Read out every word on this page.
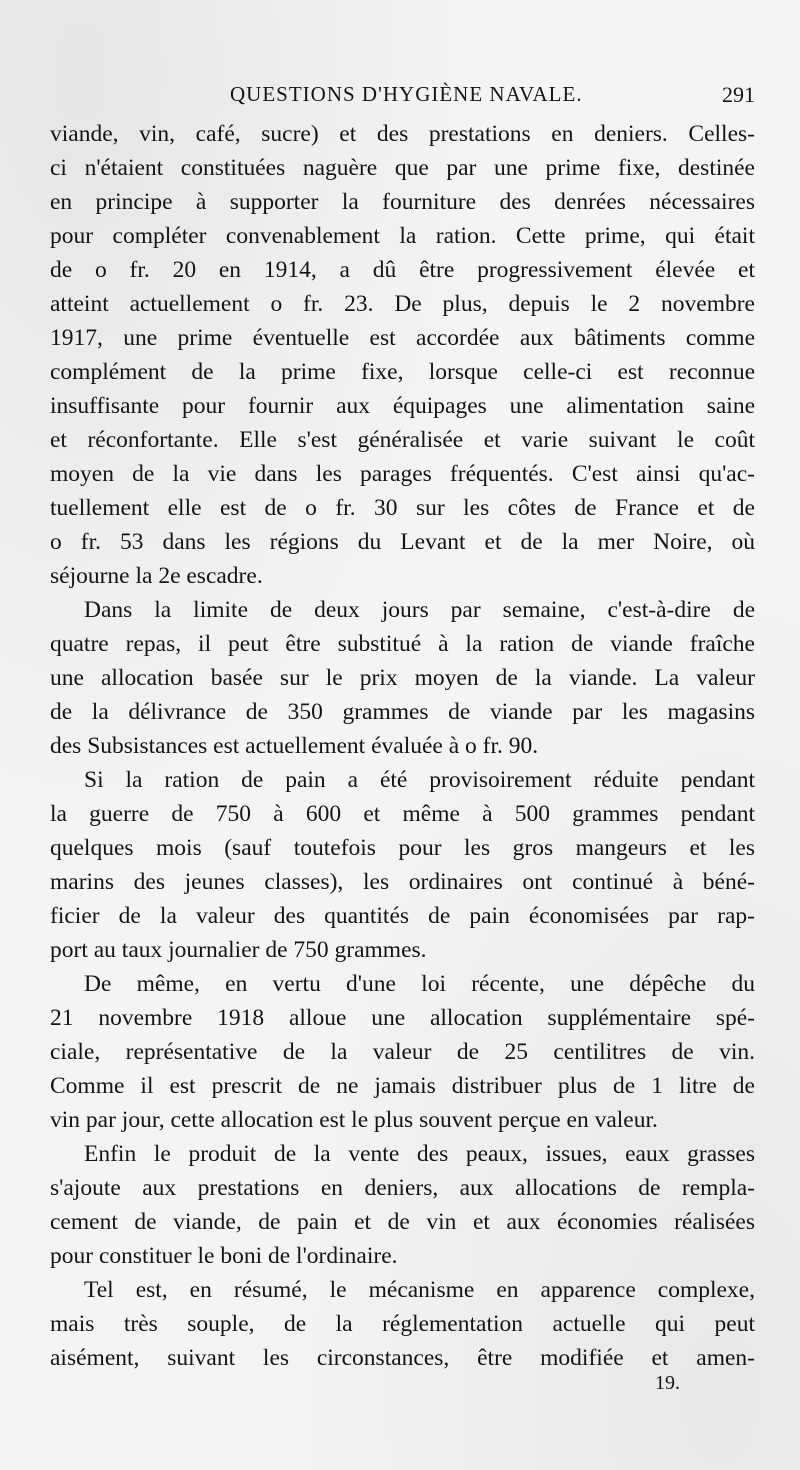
QUESTIONS D'HYGIÈNE NAVALE.	291
viande, vin, café, sucre) et des prestations en deniers. Celles-
ci n'étaient constituées naguère que par une prime fixe, destinée
en principe à supporter la fourniture des denrées nécessaires
pour compléter convenablement la ration. Cette prime, qui était
de o fr. 20 en 1914, a dû être progressivement élevée et
atteint actuellement o fr. 23. De plus, depuis le 2 novembre
1917, une prime éventuelle est accordée aux bâtiments comme
complément de la prime fixe, lorsque celle-ci est reconnue
insuffisante pour fournir aux équipages une alimentation saine
et réconfortante. Elle s'est généralisée et varie suivant le coût
moyen de la vie dans les parages fréquentés. C'est ainsi qu'ac-
tuellement elle est de o fr. 30 sur les côtes de France et de
o fr. 53 dans les régions du Levant et de la mer Noire, où
séjourne la 2e escadre.
Dans la limite de deux jours par semaine, c'est-à-dire de
quatre repas, il peut être substitué à la ration de viande fraîche
une allocation basée sur le prix moyen de la viande. La valeur
de la délivrance de 350 grammes de viande par les magasins
des Subsistances est actuellement évaluée à o fr. 90.
Si la ration de pain a été provisoirement réduite pendant
la guerre de 750 à 600 et même à 500 grammes pendant
quelques mois (sauf toutefois pour les gros mangeurs et les
marins des jeunes classes), les ordinaires ont continué à béné-
ficier de la valeur des quantités de pain économisées par rap-
port au taux journalier de 750 grammes.
De même, en vertu d'une loi récente, une dépêche du
21 novembre 1918 alloue une allocation supplémentaire spé-
ciale, représentative de la valeur de 25 centilitres de vin.
Comme il est prescrit de ne jamais distribuer plus de 1 litre de
vin par jour, cette allocation est le plus souvent perçue en valeur.
Enfin le produit de la vente des peaux, issues, eaux grasses
s'ajoute aux prestations en deniers, aux allocations de rempla-
cement de viande, de pain et de vin et aux économies réalisées
pour constituer le boni de l'ordinaire.
Tel est, en résumé, le mécanisme en apparence complexe,
mais très souple, de la réglementation actuelle qui peut
aisément, suivant les circonstances, être modifiée et amen-
19.
